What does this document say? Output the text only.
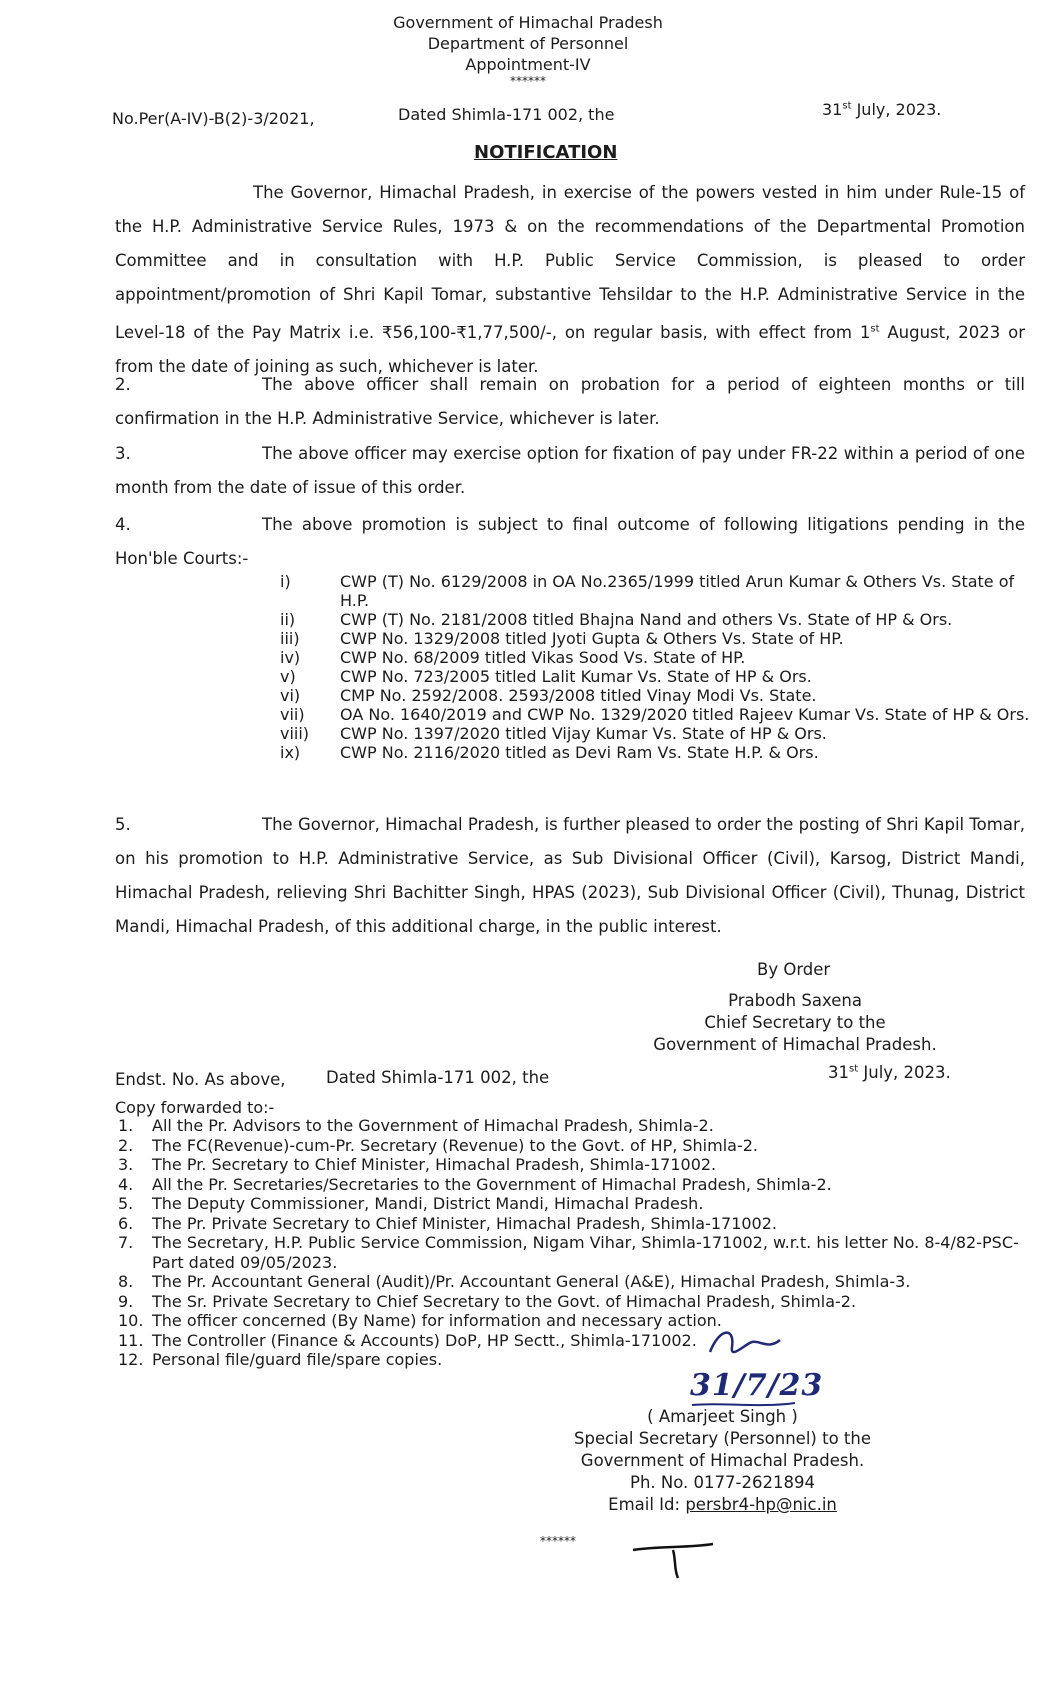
Government of Himachal Pradesh
Department of Personnel
Appointment-IV
******
No.Per(A-IV)-B(2)-3/2021,	Dated Shimla-171 002, the	31st July, 2023.
NOTIFICATION
The Governor, Himachal Pradesh, in exercise of the powers vested in him under Rule-15 of the H.P. Administrative Service Rules, 1973 & on the recommendations of the Departmental Promotion Committee and in consultation with H.P. Public Service Commission, is pleased to order appointment/promotion of Shri Kapil Tomar, substantive Tehsildar to the H.P. Administrative Service in the Level-18 of the Pay Matrix i.e. ₹56,100-₹1,77,500/-, on regular basis, with effect from 1st August, 2023 or from the date of joining as such, whichever is later.
2.	The above officer shall remain on probation for a period of eighteen months or till confirmation in the H.P. Administrative Service, whichever is later.
3.	The above officer may exercise option for fixation of pay under FR-22 within a period of one month from the date of issue of this order.
4.	The above promotion is subject to final outcome of following litigations pending in the Hon'ble Courts:-
i)	CWP (T) No. 6129/2008 in OA No.2365/1999 titled Arun Kumar & Others Vs. State of H.P.
ii)	CWP (T) No. 2181/2008 titled Bhajna Nand and others Vs. State of HP & Ors.
iii)	CWP No. 1329/2008 titled Jyoti Gupta & Others Vs. State of HP.
iv)	CWP No. 68/2009 titled Vikas Sood Vs. State of HP.
v)	CWP No. 723/2005 titled Lalit Kumar Vs. State of HP & Ors.
vi)	CMP No. 2592/2008. 2593/2008 titled Vinay Modi Vs. State.
vii)	OA No. 1640/2019 and CWP No. 1329/2020 titled Rajeev Kumar Vs. State of HP & Ors.
viii)	CWP No. 1397/2020 titled Vijay Kumar Vs. State of HP & Ors.
ix)	CWP No. 2116/2020 titled as Devi Ram Vs. State H.P. & Ors.
5.	The Governor, Himachal Pradesh, is further pleased to order the posting of Shri Kapil Tomar, on his promotion to H.P. Administrative Service, as Sub Divisional Officer (Civil), Karsog, District Mandi, Himachal Pradesh, relieving Shri Bachitter Singh, HPAS (2023), Sub Divisional Officer (Civil), Thunag, District Mandi, Himachal Pradesh, of this additional charge, in the public interest.
By Order
Prabodh Saxena
Chief Secretary to the
Government of Himachal Pradesh.
Endst. No. As above, Dated Shimla-171 002, the	31st July, 2023.
Copy forwarded to:-
1.	All the Pr. Advisors to the Government of Himachal Pradesh, Shimla-2.
2.	The FC(Revenue)-cum-Pr. Secretary (Revenue) to the Govt. of HP, Shimla-2.
3.	The Pr. Secretary to Chief Minister, Himachal Pradesh, Shimla-171002.
4.	All the Pr. Secretaries/Secretaries to the Government of Himachal Pradesh, Shimla-2.
5.	The Deputy Commissioner, Mandi, District Mandi, Himachal Pradesh.
6.	The Pr. Private Secretary to Chief Minister, Himachal Pradesh, Shimla-171002.
7.	The Secretary, H.P. Public Service Commission, Nigam Vihar, Shimla-171002, w.r.t. his letter No. 8-4/82-PSC-Part dated 09/05/2023.
8.	The Pr. Accountant General (Audit)/Pr. Accountant General (A&E), Himachal Pradesh, Shimla-3.
9.	The Sr. Private Secretary to Chief Secretary to the Govt. of Himachal Pradesh, Shimla-2.
10. The officer concerned (By Name) for information and necessary action.
11. The Controller (Finance & Accounts) DoP, HP Sectt., Shimla-171002.
12. Personal file/guard file/spare copies.
31/7/23
( Amarjeet Singh )
Special Secretary (Personnel) to the
Government of Himachal Pradesh.
Ph. No. 0177-2621894
Email Id: persbr4-hp@nic.in
******
